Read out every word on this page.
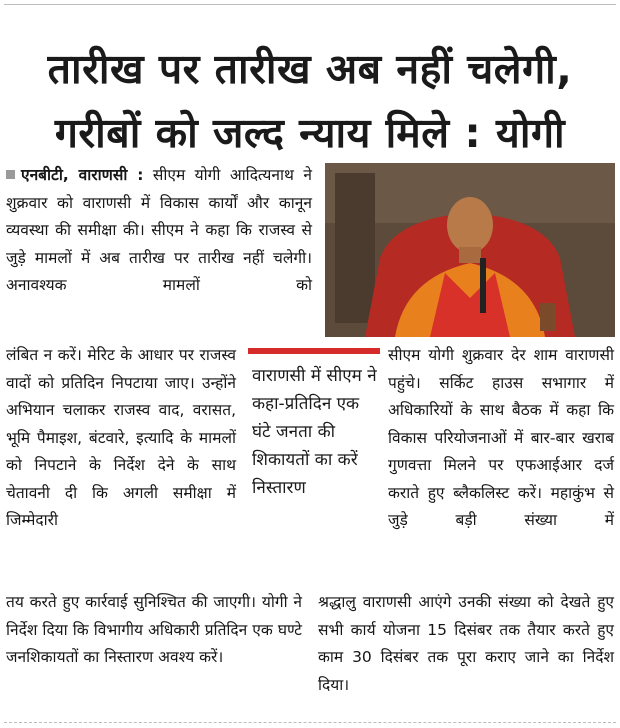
तारीख पर तारीख अब नहीं चलेगी,
गरीबों को जल्द न्याय मिले : योगी

एनबीटी, वाराणसी : सीएम योगी आदित्यनाथ ने शुक्रवार को वाराणसी में विकास कार्यों और कानून व्यवस्था की समीक्षा की। सीएम ने कहा कि राजस्व से जुड़े मामलों में अब तारीख पर तारीख नहीं चलेगी। अनावश्यक मामलों को

लंबित न करें। मेरिट के आधार पर राजस्व वादों को प्रतिदिन निपटाया जाए। उन्होंने अभियान चलाकर राजस्व वाद, वरासत, भूमि पैमाइश, बंटवारे, इत्यादि के मामलों को निपटाने के निर्देश देने के साथ चेतावनी दी कि अगली समीक्षा में जिम्मेदारी

वाराणसी में सीएम ने कहा-प्रतिदिन एक घंटे जनता की शिकायतों का करें निस्तारण

सीएम योगी शुक्रवार देर शाम वाराणसी पहुंचे। सर्किट हाउस सभागार में अधिकारियों के साथ बैठक में कहा कि विकास परियोजनाओं में बार-बार खराब गुणवत्ता मिलने पर एफआईआर दर्ज कराते हुए ब्लैकलिस्ट करें। महाकुंभ से जुड़े बड़ी संख्या में

तय करते हुए कार्रवाई सुनिश्चित की जाएगी। योगी ने निर्देश दिया कि विभागीय अधिकारी प्रतिदिन एक घण्टे जनशिकायतों का निस्तारण अवश्य करें।

श्रद्धालु वाराणसी आएंगे उनकी संख्या को देखते हुए सभी कार्य योजना 15 दिसंबर तक तैयार करते हुए काम 30 दिसंबर तक पूरा कराए जाने का निर्देश दिया।
